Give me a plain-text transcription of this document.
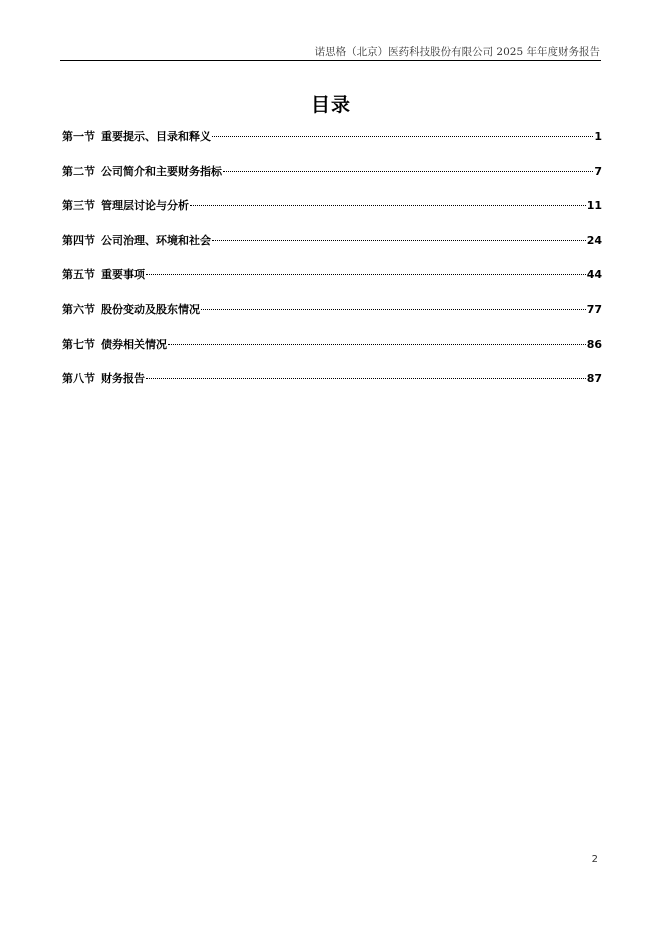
诺思格（北京）医药科技股份有限公司 2025 年年度财务报告
目录
第一节 重要提示、目录和释义	1
第二节 公司简介和主要财务指标	7
第三节 管理层讨论与分析	11
第四节 公司治理、环境和社会	24
第五节 重要事项	44
第六节 股份变动及股东情况	77
第七节 债券相关情况	86
第八节 财务报告	87
2
